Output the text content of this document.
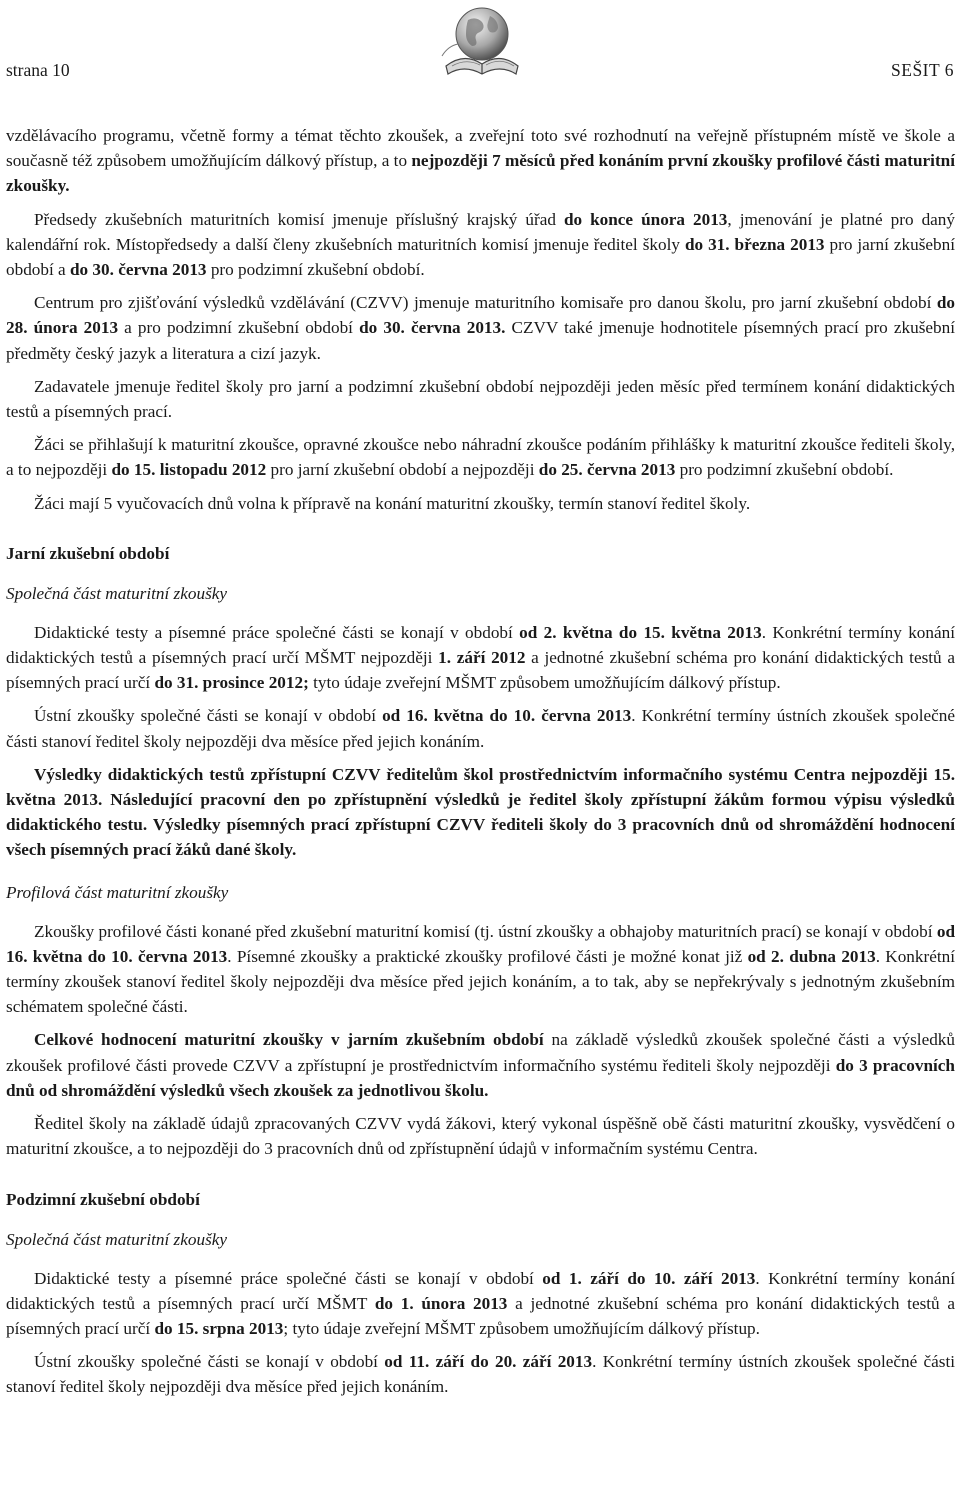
strana 10	SEŠIT 6

vzdělávacího programu, včetně formy a témat těchto zkoušek, a zveřejní toto své rozhodnutí na veřejně přístupném místě ve škole a současně též způsobem umožňujícím dálkový přístup, a to nejpozději 7 měsíců před konáním první zkoušky profilové části maturitní zkoušky.

Předsedy zkušebních maturitních komisí jmenuje příslušný krajský úřad do konce února 2013, jmenování je platné pro daný kalendářní rok. Místopředsedy a další členy zkušebních maturitních komisí jmenuje ředitel školy do 31. března 2013 pro jarní zkušební období a do 30. června 2013 pro podzimní zkušební období.

Centrum pro zjišťování výsledků vzdělávání (CZVV) jmenuje maturitního komisaře pro danou školu, pro jarní zkušební období do 28. února 2013 a pro podzimní zkušební období do 30. června 2013. CZVV také jmenuje hodnotitele písemných prací pro zkušební předměty český jazyk a literatura a cizí jazyk.

Zadavatele jmenuje ředitel školy pro jarní a podzimní zkušební období nejpozději jeden měsíc před termínem konání didaktických testů a písemných prací.

Žáci se přihlašují k maturitní zkoušce, opravné zkoušce nebo náhradní zkoušce podáním přihlášky k maturitní zkoušce řediteli školy, a to nejpozději do 15. listopadu 2012 pro jarní zkušební období a nejpozději do 25. června 2013 pro podzimní zkušební období.

Žáci mají 5 vyučovacích dnů volna k přípravě na konání maturitní zkoušky, termín stanoví ředitel školy.

Jarní zkušební období
Společná část maturitní zkoušky

Didaktické testy a písemné práce společné části se konají v období od 2. května do 15. května 2013. Konkrétní termíny konání didaktických testů a písemných prací určí MŠMT nejpozději 1. září 2012 a jednotné zkušební schéma pro konání didaktických testů a písemných prací určí do 31. prosince 2012; tyto údaje zveřejní MŠMT způsobem umožňujícím dálkový přístup.

Ústní zkoušky společné části se konají v období od 16. května do 10. června 2013. Konkrétní termíny ústních zkoušek společné části stanoví ředitel školy nejpozději dva měsíce před jejich konáním.

Výsledky didaktických testů zpřístupní CZVV ředitelům škol prostřednictvím informačního systému Centra nejpozději 15. května 2013. Následující pracovní den po zpřístupnění výsledků je ředitel školy zpřístupní žákům formou výpisu výsledků didaktického testu. Výsledky písemných prací zpřístupní CZVV řediteli školy do 3 pracovních dnů od shromáždění hodnocení všech písemných prací žáků dané školy.

Profilová část maturitní zkoušky

Zkoušky profilové části konané před zkušební maturitní komisí (tj. ústní zkoušky a obhajoby maturitních prací) se konají v období od 16. května do 10. června 2013. Písemné zkoušky a praktické zkoušky profilové části je možné konat již od 2. dubna 2013. Konkrétní termíny zkoušek stanoví ředitel školy nejpozději dva měsíce před jejich konáním, a to tak, aby se nepřekrývaly s jednotným zkušebním schématem společné části.

Celkové hodnocení maturitní zkoušky v jarním zkušebním období na základě výsledků zkoušek společné části a výsledků zkoušek profilové části provede CZVV a zpřístupní je prostřednictvím informačního systému řediteli školy nejpozději do 3 pracovních dnů od shromáždění výsledků všech zkoušek za jednotlivou školu.

Ředitel školy na základě údajů zpracovaných CZVV vydá žákovi, který vykonal úspěšně obě části maturitní zkoušky, vysvědčení o maturitní zkoušce, a to nejpozději do 3 pracovních dnů od zpřístupnění údajů v informačním systému Centra.

Podzimní zkušební období
Společná část maturitní zkoušky

Didaktické testy a písemné práce společné části se konají v období od 1. září do 10. září 2013. Konkrétní termíny konání didaktických testů a písemných prací určí MŠMT do 1. února 2013 a jednotné zkušební schéma pro konání didaktických testů a písemných prací určí do 15. srpna 2013; tyto údaje zveřejní MŠMT způsobem umožňujícím dálkový přístup.

Ústní zkoušky společné části se konají v období od 11. září do 20. září 2013. Konkrétní termíny ústních zkoušek společné části stanoví ředitel školy nejpozději dva měsíce před jejich konáním.
